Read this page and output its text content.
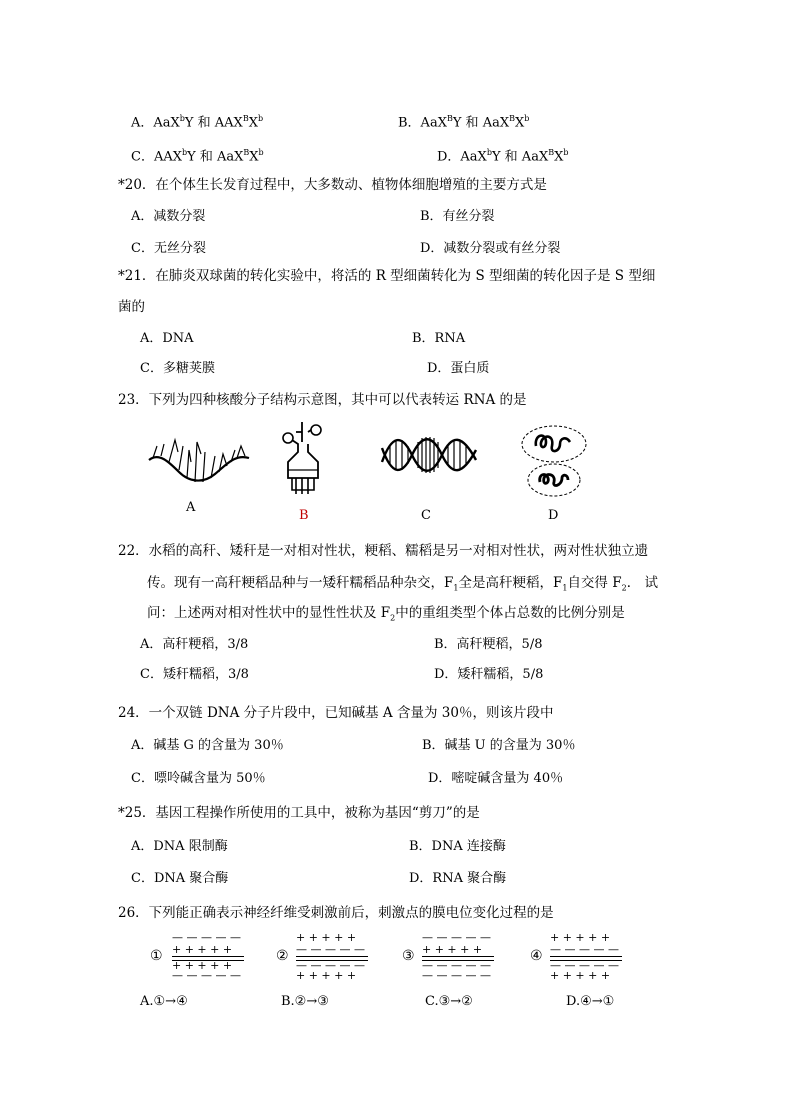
A．AaX$^b$Y 和 $AAX^BX^b$	B．AaX$^B$Y 和 $AaX^BX^b$
C．AAX$^b$Y 和 $AaX^BX^b$	D．AaX$^b$Y 和 $AaX^BX^b$
*20．在个体生长发育过程中，大多数动、植物体细胞增殖的主要方式是
A．减数分裂	B．有丝分裂
C．无丝分裂	D．减数分裂或有丝分裂
*21．在肺炎双球菌的转化实验中，将活的 R 型细菌转化为 S 型细菌的转化因子是 S 型细
菌的
A．DNA	B．RNA
C．多糖荚膜	D．蛋白质
23．下列为四种核酸分子结构示意图，其中可以代表转运 RNA 的是
A
B	C	D
22．水稻的高秆、矮秆是一对相对性状，粳稻、糯稻是另一对相对性状，两对性状独立遗
传。现有一高秆粳稻品种与一矮秆糯稻品种杂交，$F_1$全是高秆粳稻，$F_1$自交得 $F_2$． 试
问：上述两对相对性状中的显性性状及 $F_2$中的重组类型个体占总数的比例分别是
A．高秆粳稻，3/8	B．高秆粳稻，5/8
C．矮秆糯稻，3/8	D．矮秆糯稻，5/8
24．一个双链 DNA 分子片段中，已知碱基 A 含量为 30％，则该片段中
A．碱基 G 的含量为 30％	B．碱基 U 的含量为 30％
C．嘌呤碱含量为 50％	D．嘧啶碱含量为 40％
*25．基因工程操作所使用的工具中，被称为基因“剪刀”的是
A．DNA 限制酶	B．DNA 连接酶
C．DNA 聚合酶	D．RNA 聚合酶
26．下列能正确表示神经纤维受刺激前后，刺激点的膜电位变化过程的是
①
— — — — —
+ + + + +
+ + + + +
— — — — —
②
+ + + + +
— — — — —
— — — — —
+ + + + +
③
— — — — —
+ + + + +
— — — — —
— — — — —
④
+ + + + +
— — — — —
— — — — —
+ + + + +
A.①→④	B.②→③	C.③→②	D.④→①
